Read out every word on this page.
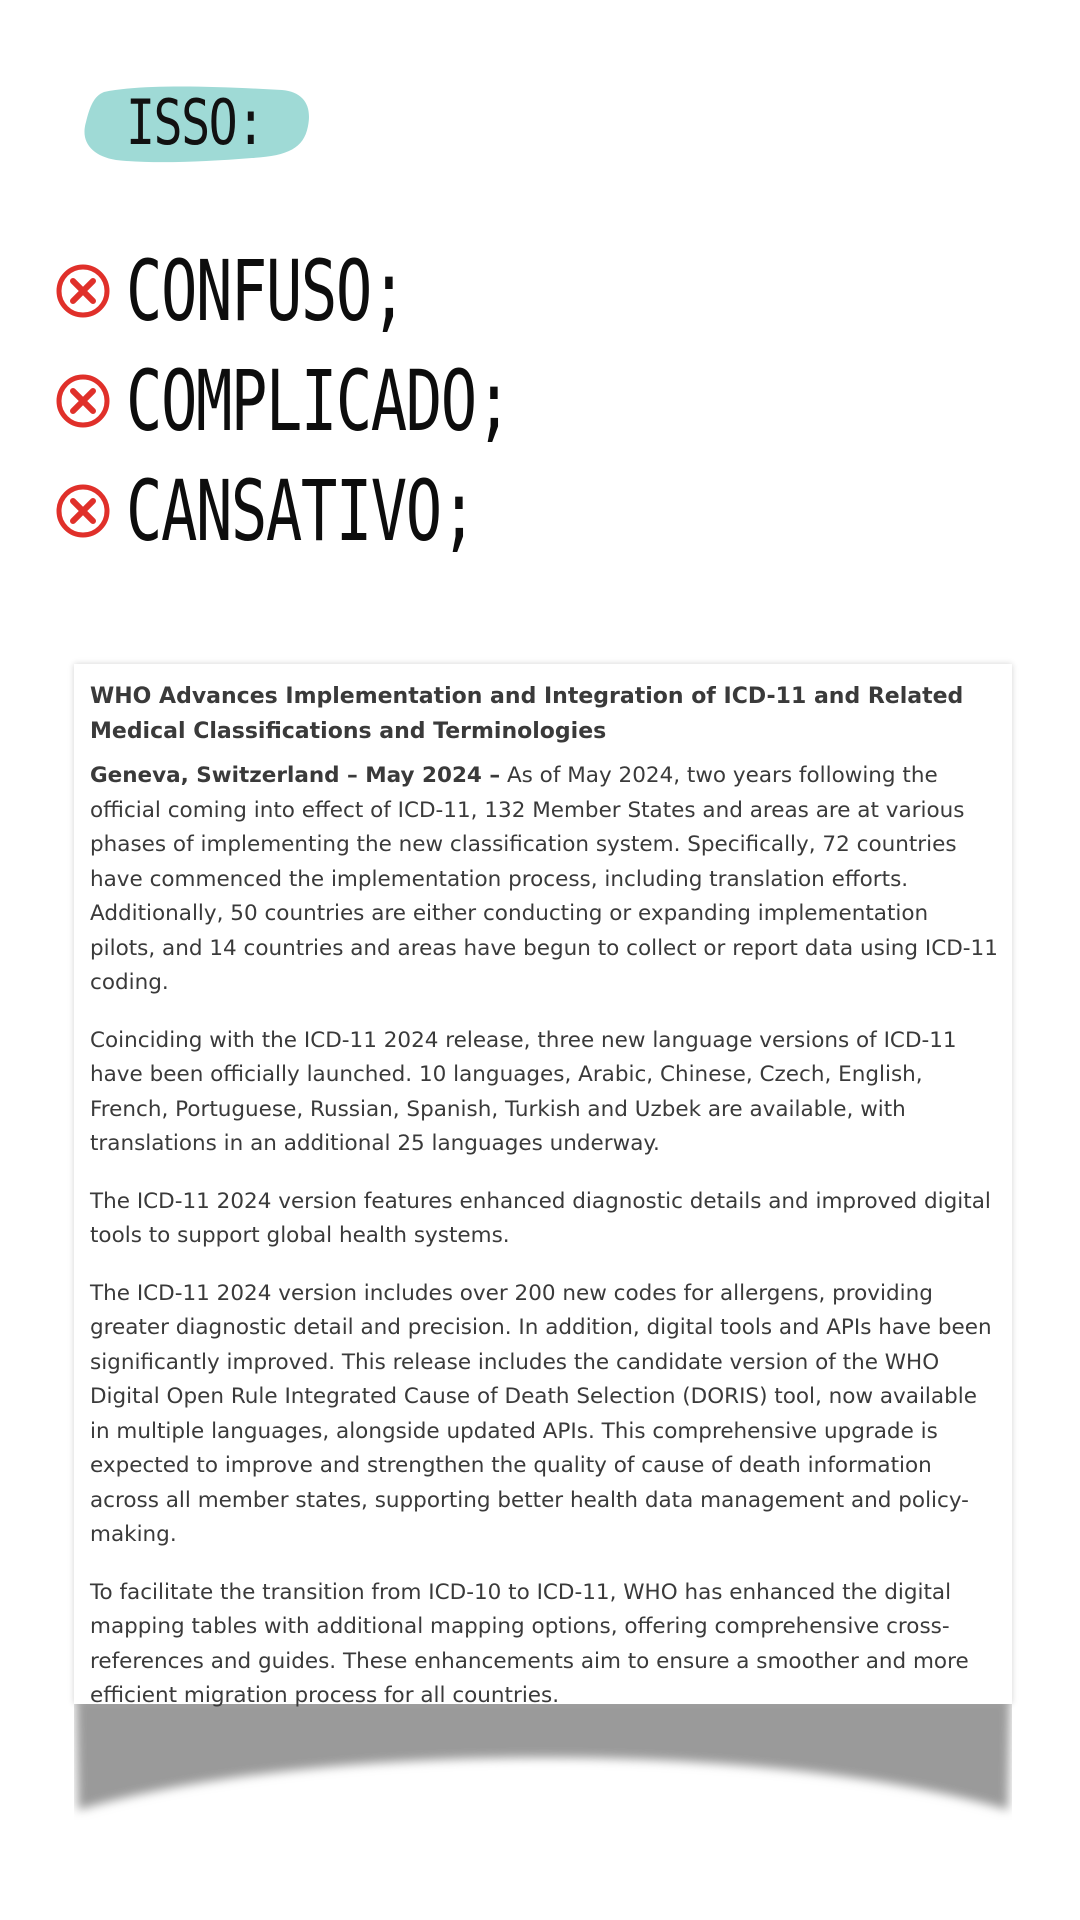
ISSO:
CONFUSO;
COMPLICADO;
CANSATIVO;
WHO Advances Implementation and Integration of ICD-11 and Related Medical Classifications and Terminologies

Geneva, Switzerland – May 2024 – As of May 2024, two years following the official coming into effect of ICD-11, 132 Member States and areas are at various phases of implementing the new classification system. Specifically, 72 countries have commenced the implementation process, including translation efforts. Additionally, 50 countries are either conducting or expanding implementation pilots, and 14 countries and areas have begun to collect or report data using ICD-11 coding.

Coinciding with the ICD-11 2024 release, three new language versions of ICD-11 have been officially launched. 10 languages, Arabic, Chinese, Czech, English, French, Portuguese, Russian, Spanish, Turkish and Uzbek are available, with translations in an additional 25 languages underway.

The ICD-11 2024 version features enhanced diagnostic details and improved digital tools to support global health systems.

The ICD-11 2024 version includes over 200 new codes for allergens, providing greater diagnostic detail and precision. In addition, digital tools and APIs have been significantly improved. This release includes the candidate version of the WHO Digital Open Rule Integrated Cause of Death Selection (DORIS) tool, now available in multiple languages, alongside updated APIs. This comprehensive upgrade is expected to improve and strengthen the quality of cause of death information across all member states, supporting better health data management and policy-making.

To facilitate the transition from ICD-10 to ICD-11, WHO has enhanced the digital mapping tables with additional mapping options, offering comprehensive cross-references and guides. These enhancements aim to ensure a smoother and more efficient migration process for all countries.
